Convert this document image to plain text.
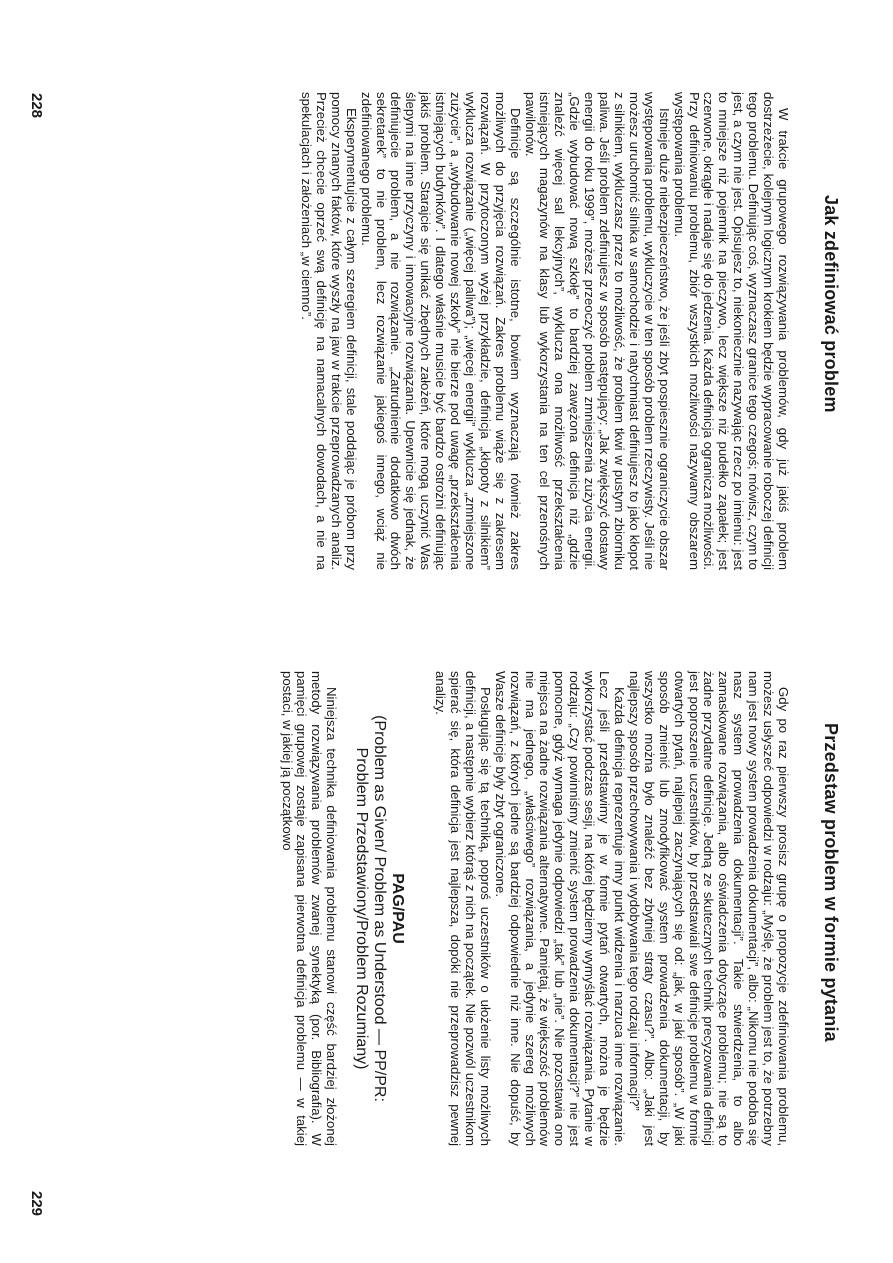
Jak zdefiniować problem

W trakcie grupowego rozwiązywania problemów, gdy już jakiś problem dostrzeżecie, kolejnym logicznym krokiem będzie wypracowanie roboczej definicji tego problemu. Definiując coś, wyznaczasz granice tego czegoś; mówisz, czym to jest, a czym nie jest. Opisujesz to, niekoniecznie nazywając rzecz po imieniu: jest to mniejsze niż pojemnik na pieczywo, lecz większe niż pudełko zapałek; jest czerwone, okrągłe i nadaje się do jedzenia. Każda definicja ogranicza możliwości. Przy definiowaniu problemu, zbiór wszystkich możliwości nazywamy obszarem występowania problemu.

Istnieje duże niebezpieczeństwo, że jeśli zbyt pospiesznie ograniczycie obszar występowania problemu, wykluczycie w ten sposób problem rzeczywisty. Jeśli nie możesz uruchomić silnika w samochodzie i natychmiast definiujesz to jako kłopot z silnikiem, wykluczasz przez to możliwość, że problem tkwi w pustym zbiorniku paliwa. Jeśli problem zdefiniujesz w sposób następujący: „Jak zwiększyć dostawy energii do roku 1999”, możesz przeoczyć problem zmniejszenia zużycia energii. „Gdzie wybudować nową szkołę” to bardziej zawężona definicja niż „gdzie znaleźć więcej sal lekcyjnych”, wyklucza ona możliwość przekształcenia istniejących magazynów na klasy lub wykorzystania na ten cel przenośnych pawilonów.

Definicje są szczególnie istotne, bowiem wyznaczają również zakres możliwych do przyjęcia rozwiązań. Zakres problemu wiąże się z zakresem rozwiązań. W przytoczonym wyżej przykładzie, definicja „kłopoty z silnikiem” wyklucza rozwiązanie („więcej paliwa”); „więcej energii” wyklucza „zmniejszone zużycie”, a „wybudowanie nowej szkoły” nie bierze pod uwagę „przekształcenia istniejących budynków”. I dlatego właśnie musicie być bardzo ostrożni definiując jakiś problem. Starajcie się unikać zbędnych założeń, które mogą uczynić Was ślepymi na inne przyczyny i innowacyjne rozwiązania. Upewnicie się jednak, że definiujecie problem, a nie rozwiązanie. „Zatrudnienie dodatkowo dwóch sekretarek” to nie problem, lecz rozwiązanie jakiegoś innego, wciąż nie zdefiniowanego problemu.

Eksperymentujcie z całym szeregiem definicji, stale poddając je próbom przy pomocy znanych faktów, które wyszły na jaw w trakcie przeprowadzanych analiz. Przecież chcecie oprzeć swą definicję na namacalnych dowodach, a nie na spekulacjach i założeniach „w ciemno”.

228
Przedstaw problem w formie pytania

Gdy po raz pierwszy prosisz grupę o propozycje zdefiniowania problemu, możesz usłyszeć odpowiedzi w rodzaju: „Myślę, że problem jest to, że potrzebny nam jest nowy system prowadzenia dokumentacji”, albo: „Nikomu nie podoba się nasz system prowadzenia dokumentacji”. Takie stwierdzenia, to albo zamaskowane rozwiązania, albo oświadczenia dotyczące problemu; nie są to żadne przydatne definicje. Jedną ze skutecznych technik precyzowania definicji jest poproszenie uczestników, by przedstawiali swe definicje problemu w formie otwartych pytań, najlepiej zaczynających się od: „jak, w jaki sposób”. „W jaki sposób zmienić lub zmodyfikować system prowadzenia dokumentacji, by wszystko można było znaleźć bez zbytniej straty czasu?”. Albo: „Jaki jest najlepszy sposób przechowywania i wydobywania tego rodzaju informacji?”

Każda definicja reprezentuje inny punkt widzenia i narzuca inne rozwiązanie. Lecz jeśli przedstawimy je w formie pytań otwartych, można je będzie wykorzystać podczas sesji, na której będziemy wymyślać rozwiązania. Pytanie w rodzaju: „Czy powinniśmy zmienić system prowadzenia dokumentacji?” nie jest pomocne, gdyż wymaga jedynie odpowiedzi „tak” lub „nie”. Nie pozostawia ono miejsca na żadne rozwiązania alternatywne. Pamiętaj, że większość problemów nie ma jednego, „właściwego” rozwiązania, a jedynie szereg możliwych rozwiązań, z których jedne są bardziej odpowiednie niż inne. Nie dopuść, by Wasze definicje były zbyt ograniczone.

Posługując się tą techniką, poproś uczestników o ułożenie listy możliwych definicji, a następnie wybierz którąś z nich na początek. Nie pozwól uczestnikom spierać się, która definicja jest najlepsza, dopóki nie przeprowadzisz pewnej analizy.

PAG/PAU
(Problem as Given/ Problem as Understood — PP/PR:
Problem Przedstawiony/Problem Rozumiany)

Niniejsza technika definiowania problemu stanowi część bardziej złożonej metody rozwiązywania problemów zwanej synektyką (por. Bibliografia). W pamięci grupowej zostaje zapisana pierwotna definicja problemu — w takiej postaci, w jakiej ją początkowo

229
